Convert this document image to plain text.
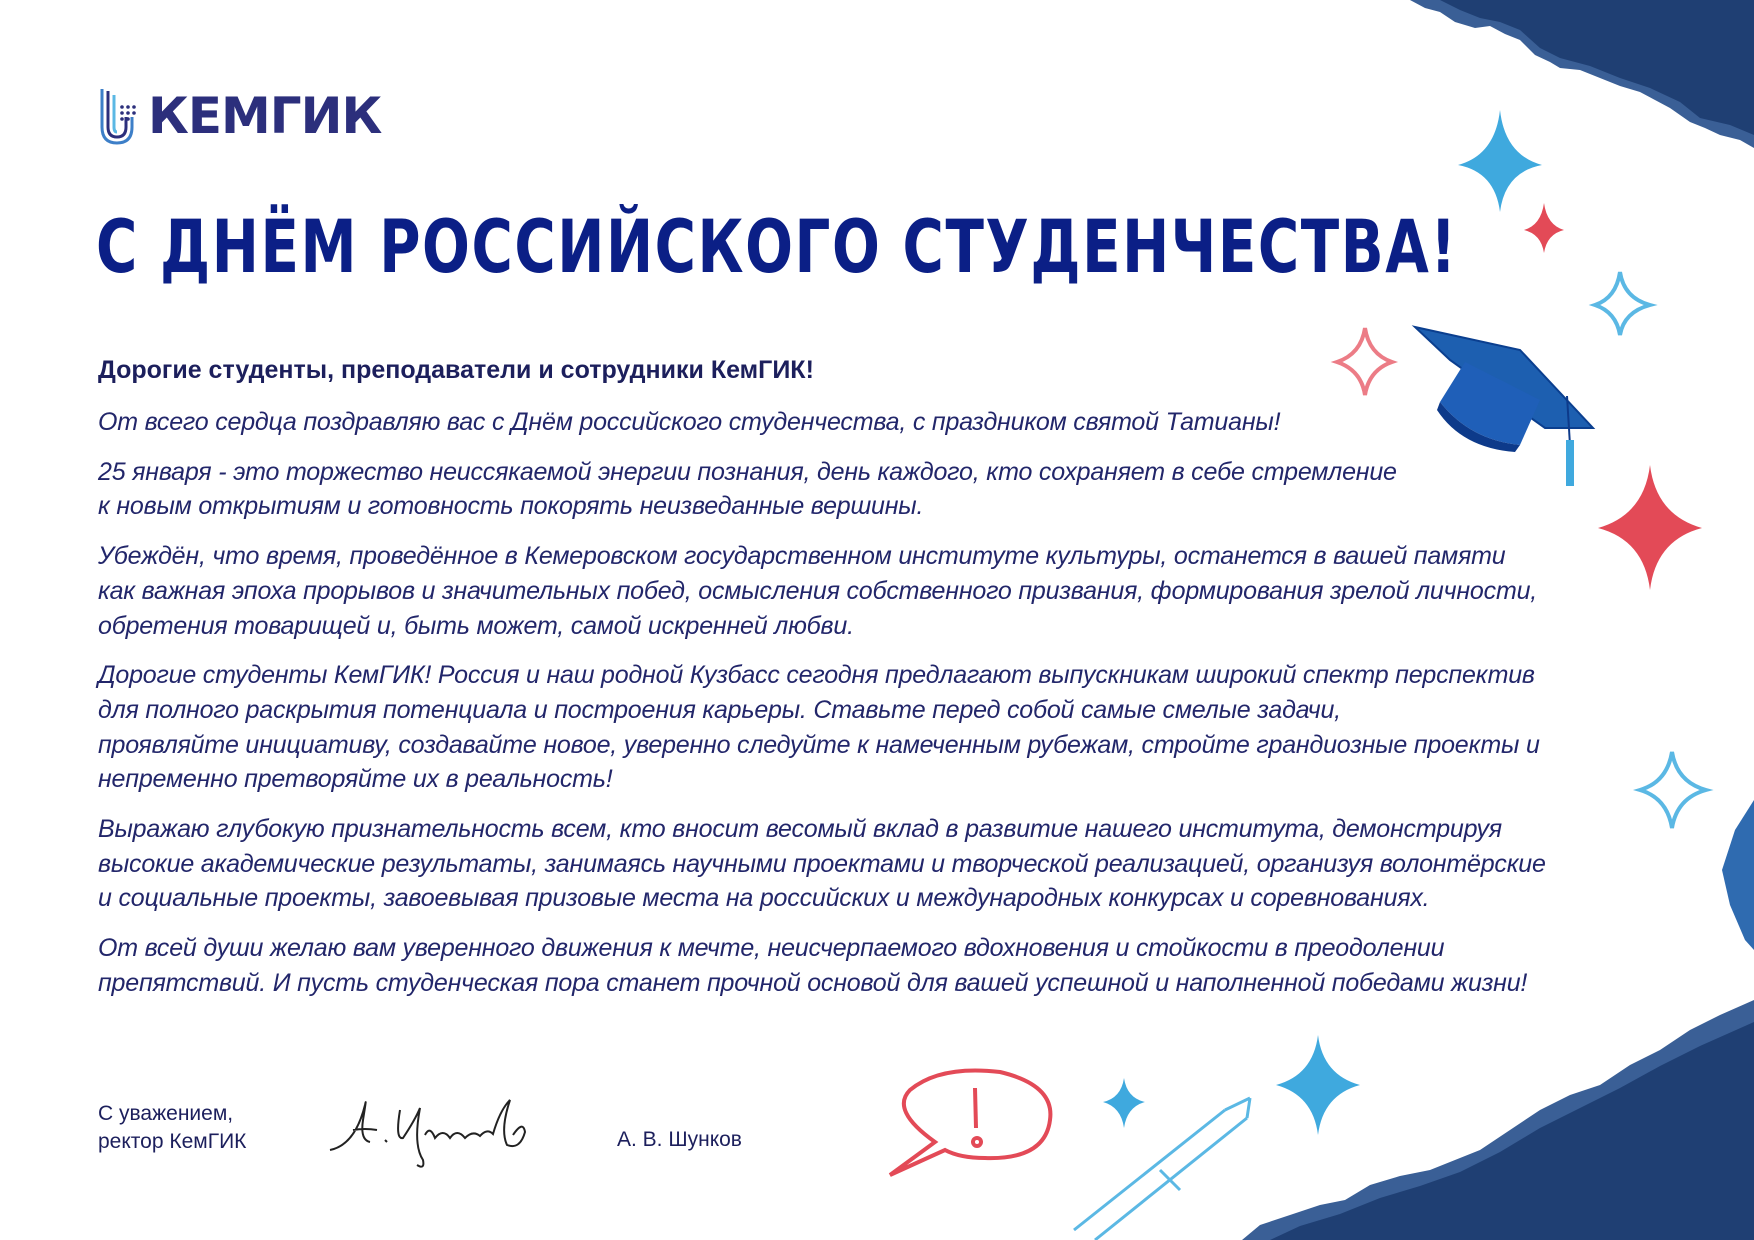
КЕМГИК
С ДНЁМ РОССИЙСКОГО СТУДЕНЧЕСТВА!
Дорогие студенты, преподаватели и сотрудники КемГИК!

От всего сердца поздравляю вас с Днём российского студенчества, с праздником святой Татианы!

25 января - это торжество неиссякаемой энергии познания, день каждого, кто сохраняет в себе стремление
к новым открытиям и готовность покорять неизведанные вершины.

Убеждён, что время, проведённое в Кемеровском государственном институте культуры, останется в вашей памяти
как важная эпоха прорывов и значительных побед, осмысления собственного призвания, формирования зрелой личности,
обретения товарищей и, быть может, самой искренней любви.

Дорогие студенты КемГИК! Россия и наш родной Кузбасс сегодня предлагают выпускникам широкий спектр перспектив
для полного раскрытия потенциала и построения карьеры. Ставьте перед собой самые смелые задачи,
проявляйте инициативу, создавайте новое, уверенно следуйте к намеченным рубежам, стройте грандиозные проекты и
непременно претворяйте их в реальность!

Выражаю глубокую признательность всем, кто вносит весомый вклад в развитие нашего института, демонстрируя
высокие академические результаты, занимаясь научными проектами и творческой реализацией, организуя волонтёрские
и социальные проекты, завоевывая призовые места на российских и международных конкурсах и соревнованиях.

От всей души желаю вам уверенного движения к мечте, неисчерпаемого вдохновения и стойкости в преодолении
препятствий. И пусть студенческая пора станет прочной основой для вашей успешной и наполненной победами жизни!

С уважением,
ректор КемГИК	А. В. Шунков
